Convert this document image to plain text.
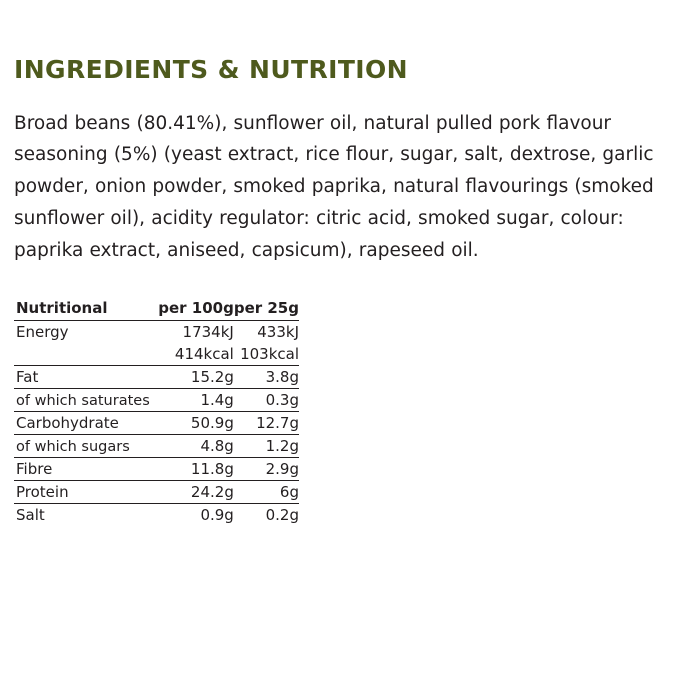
INGREDIENTS & NUTRITION

Broad beans (80.41%), sunflower oil, natural pulled pork flavour seasoning (5%) (yeast extract, rice flour, sugar, salt, dextrose, garlic powder, onion powder, smoked paprika, natural flavourings (smoked sunflower oil), acidity regulator: citric acid, smoked sugar, colour: paprika extract, aniseed, capsicum), rapeseed oil.

Nutritional	per 100g	per 25g
Energy	1734kJ	433kJ
	414kcal	103kcal
Fat	15.2g	3.8g
of which saturates	1.4g	0.3g
Carbohydrate	50.9g	12.7g
of which sugars	4.8g	1.2g
Fibre	11.8g	2.9g
Protein	24.2g	6g
Salt	0.9g	0.2g
